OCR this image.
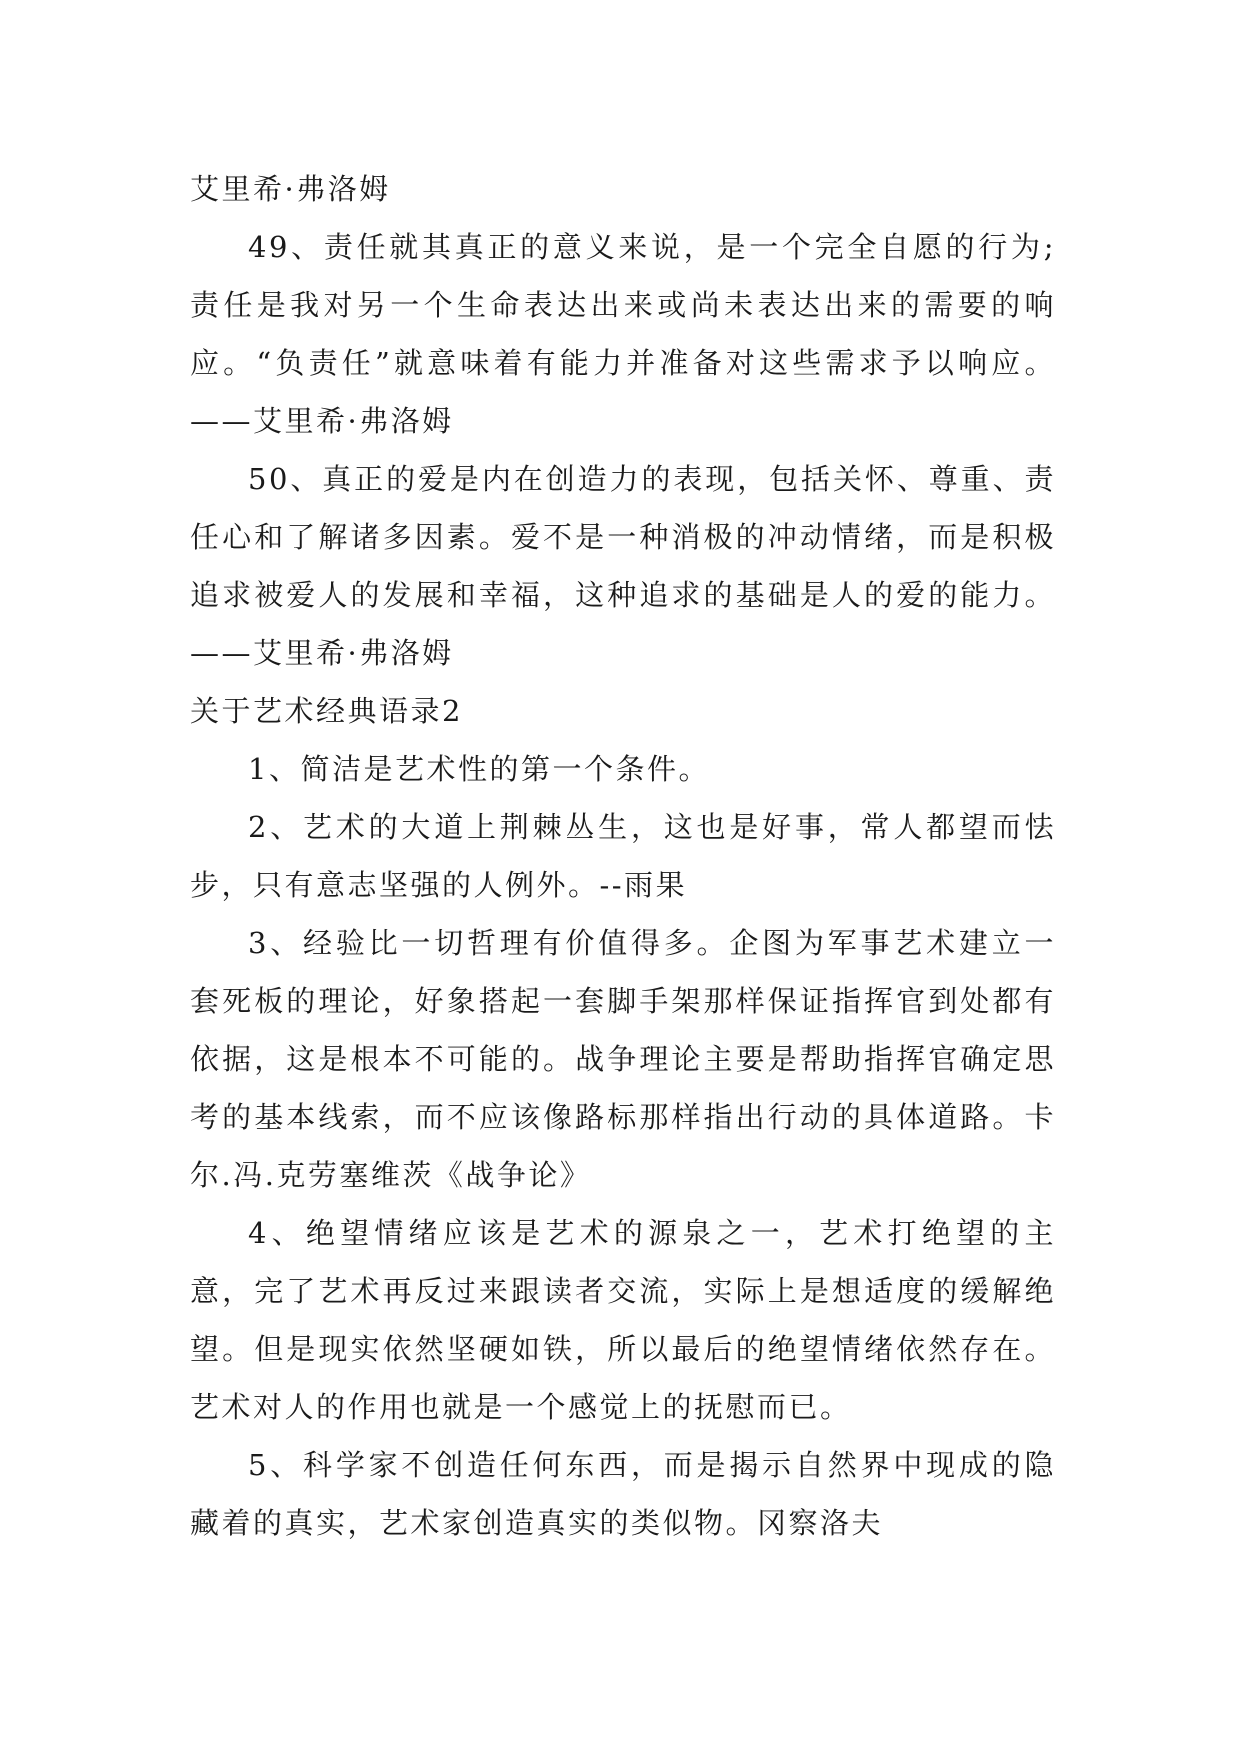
艾里希·弗洛姆

49、责任就其真正的意义来说，是一个完全自愿的行为;责任是我对另一个生命表达出来或尚未表达出来的需要的响应。“负责任”就意味着有能力并准备对这些需求予以响应。——艾里希·弗洛姆

50、真正的爱是内在创造力的表现，包括关怀、尊重、责任心和了解诸多因素。爱不是一种消极的冲动情绪，而是积极追求被爱人的发展和幸福，这种追求的基础是人的爱的能力。——艾里希·弗洛姆

关于艺术经典语录2

1、简洁是艺术性的第一个条件。

2、艺术的大道上荆棘丛生，这也是好事，常人都望而怯步，只有意志坚强的人例外。--雨果

3、经验比一切哲理有价值得多。企图为军事艺术建立一套死板的理论，好象搭起一套脚手架那样保证指挥官到处都有依据，这是根本不可能的。战争理论主要是帮助指挥官确定思考的基本线索，而不应该像路标那样指出行动的具体道路。卡尔.冯.克劳塞维茨《战争论》

4、绝望情绪应该是艺术的源泉之一，艺术打绝望的主意，完了艺术再反过来跟读者交流，实际上是想适度的缓解绝望。但是现实依然坚硬如铁，所以最后的绝望情绪依然存在。艺术对人的作用也就是一个感觉上的抚慰而已。

5、科学家不创造任何东西，而是揭示自然界中现成的隐藏着的真实，艺术家创造真实的类似物。冈察洛夫
